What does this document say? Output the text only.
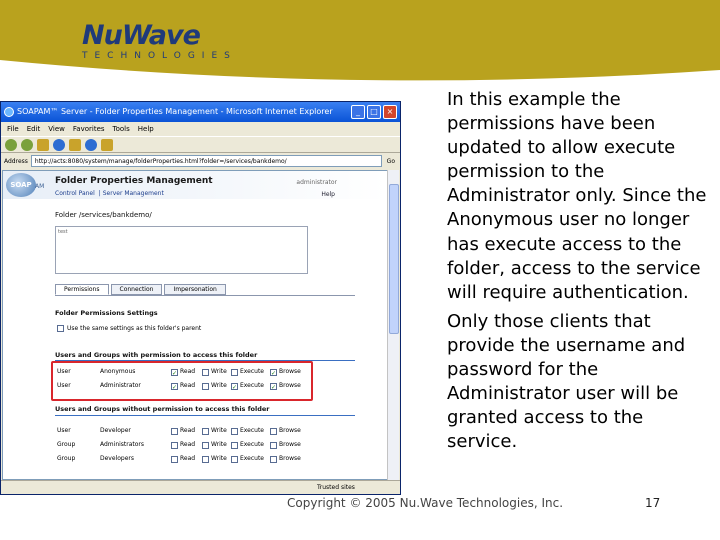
NuWave
TECHNOLOGIES
SOAPAM™ Server - Folder Properties Management - Microsoft Internet Explorer	_	□	×
File Edit View Favorites Tools Help
Address	http://acts:8080/system/manage/folderProperties.html?folder=/services/bankdemo/	Go
SOAP AM
Folder Properties Management	administrator
Help
Control Panel | Server Management
Folder /services/bankdemo/
test
Permissions	Connection	Impersonation
Folder Permissions Settings
Use the same settings as this folder's parent
Users and Groups with permission to access this folder
User	Anonymous ✓	Read	Write Execute ✓	Browse
User	Administrator ✓	Read	Write ✓ Execute ✓	Browse
Users and Groups without permission to access this folder
User	Developer	Read	Write Execute	Browse
Group	Administrators	Read	Write Execute	Browse
Group	Developers	Read	Write Execute	Browse
Trusted sites

In this example the permissions have been updated to allow execute permission to the Administrator only. Since the Anonymous user no longer has execute access to the folder, access to the service will require authentication.

Only those clients that provide the username and password for the Administrator user will be granted access to the service.

Copyright © 2005 Nu.Wave Technologies, Inc.	17
